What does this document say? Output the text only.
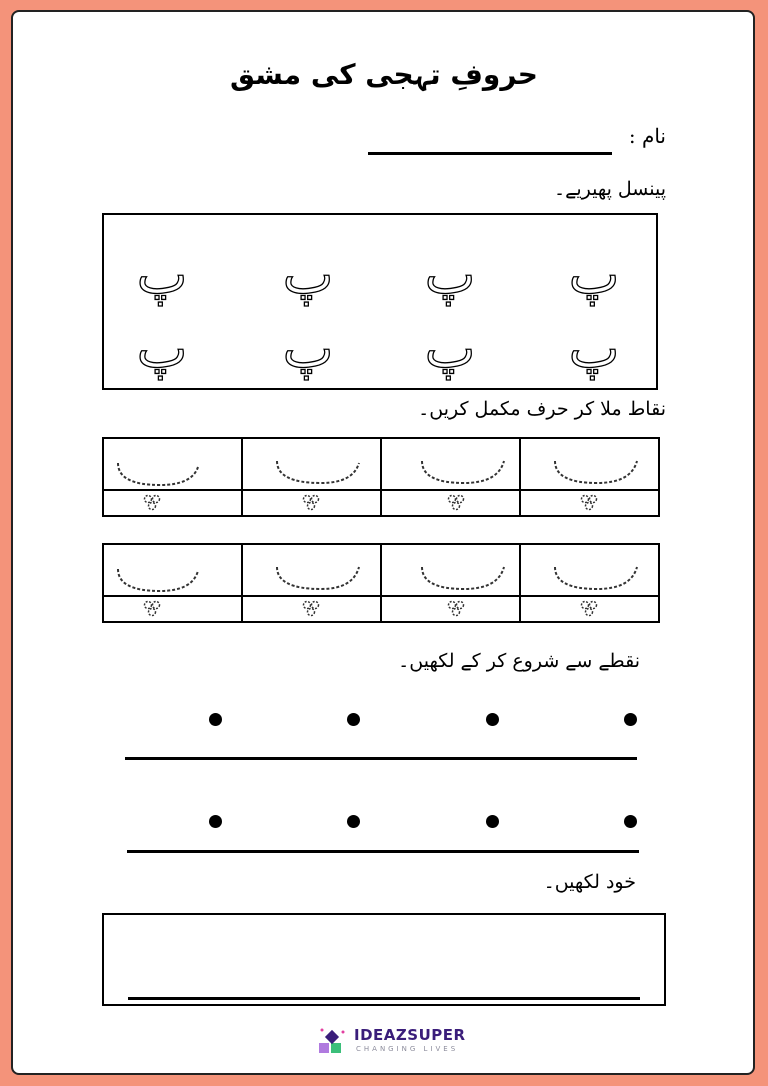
حروفِ تہجی کی مشق
نام :
پینسل پھیریے۔
پ
پ
پ
پ
پ
پ
پ
پ
نقاط ملا کر حرف مکمل کریں۔

نقطے سے شروع کر کے لکھیں۔
خود لکھیں۔
IDEAZSUPER
CHANGING LIVES
